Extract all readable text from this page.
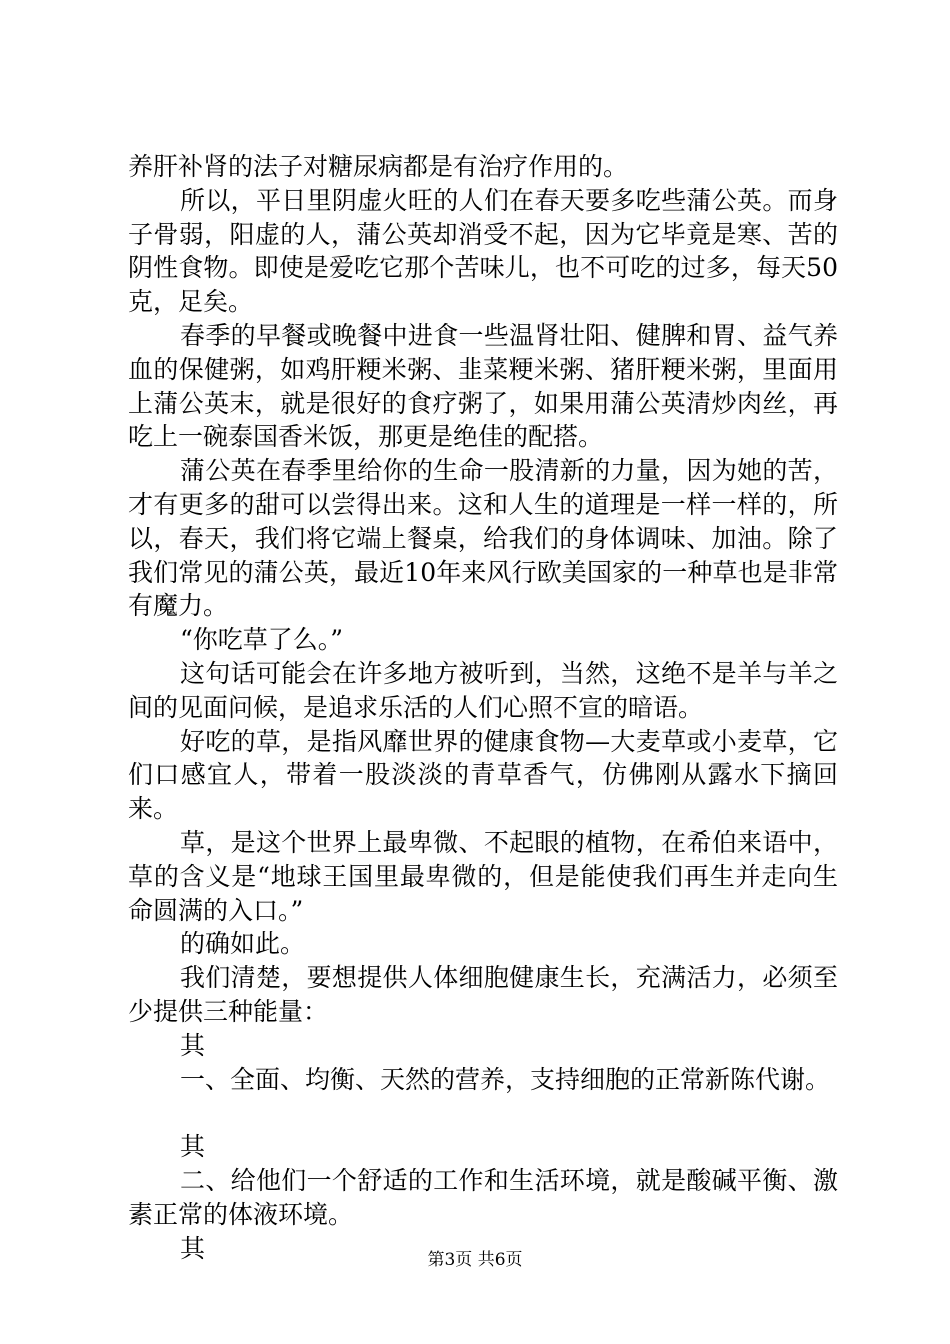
养肝补肾的法子对糖尿病都是有治疗作用的。

所以，平日里阴虚火旺的人们在春天要多吃些蒲公英。而身子骨弱，阳虚的人，蒲公英却消受不起，因为它毕竟是寒、苦的阴性食物。即使是爱吃它那个苦味儿，也不可吃的过多，每天50克，足矣。

春季的早餐或晚餐中进食一些温肾壮阳、健脾和胃、益气养血的保健粥，如鸡肝粳米粥、韭菜粳米粥、猪肝粳米粥，里面用上蒲公英末，就是很好的食疗粥了，如果用蒲公英清炒肉丝，再吃上一碗泰国香米饭，那更是绝佳的配搭。

蒲公英在春季里给你的生命一股清新的力量，因为她的苦，才有更多的甜可以尝得出来。这和人生的道理是一样一样的，所以，春天，我们将它端上餐桌，给我们的身体调味、加油。除了我们常见的蒲公英，最近10年来风行欧美国家的一种草也是非常有魔力。

“你吃草了么。”

这句话可能会在许多地方被听到，当然，这绝不是羊与羊之间的见面问候，是追求乐活的人们心照不宣的暗语。

好吃的草，是指风靡世界的健康食物—大麦草或小麦草，它们口感宜人，带着一股淡淡的青草香气，仿佛刚从露水下摘回来。

草，是这个世界上最卑微、不起眼的植物，在希伯来语中，草的含义是“地球王国里最卑微的，但是能使我们再生并走向生命圆满的入口。”

的确如此。

我们清楚，要想提供人体细胞健康生长，充满活力，必须至少提供三种能量：

其

一、全面、均衡、天然的营养，支持细胞的正常新陈代谢。

其

二、给他们一个舒适的工作和生活环境，就是酸碱平衡、激素正常的体液环境。

其	第3页 共6页
